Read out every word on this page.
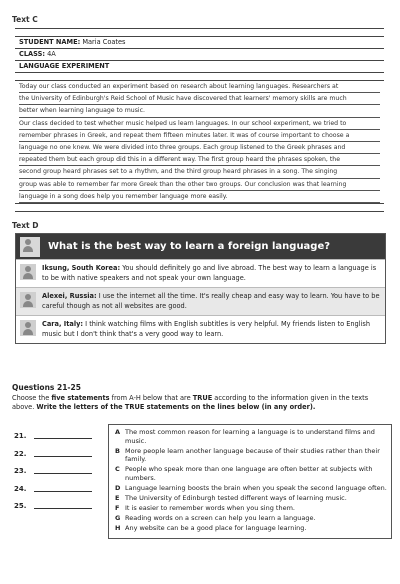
Text C
STUDENT NAME: Maria Coates
CLASS: 4A
LANGUAGE EXPERIMENT
Today our class conducted an experiment based on research about learning languages. Researchers at
the University of Edinburgh's Reid School of Music have discovered that learners' memory skills are much
better when learning language to music.
Our class decided to test whether music helped us learn languages. In our school experiment, we tried to
remember phrases in Greek, and repeat them fifteen minutes later. It was of course important to choose a
language no one knew. We were divided into three groups. Each group listened to the Greek phrases and
repeated them but each group did this in a different way. The first group heard the phrases spoken, the
second group heard phrases set to a rhythm, and the third group heard phrases in a song. The singing
group was able to remember far more Greek than the other two groups. Our conclusion was that learning
language in a song does help you remember language more easily.
Text D
What is the best way to learn a foreign language?
Iksung, South Korea: You should definitely go and live abroad. The best way to learn a language is to be with native speakers and not speak your own language.
Alexei, Russia: I use the internet all the time. It's really cheap and easy way to learn. You have to be careful though as not all websites are good.
Cara, Italy: I think watching films with English subtitles is very helpful. My friends listen to English music but I don't think that's a very good way to learn.
Questions 21-25
Choose the five statements from A-H below that are TRUE according to the information given in the texts above. Write the letters of the TRUE statements on the lines below (in any order).
21.
22.
23.
24.
25.
A The most common reason for learning a language is to understand films and music.
B More people learn another language because of their studies rather than their family.
C People who speak more than one language are often better at subjects with numbers.
D Language learning boosts the brain when you speak the second language often.
E The University of Edinburgh tested different ways of learning music.
F It is easier to remember words when you sing them.
G Reading words on a screen can help you learn a language.
H Any website can be a good place for language learning.
